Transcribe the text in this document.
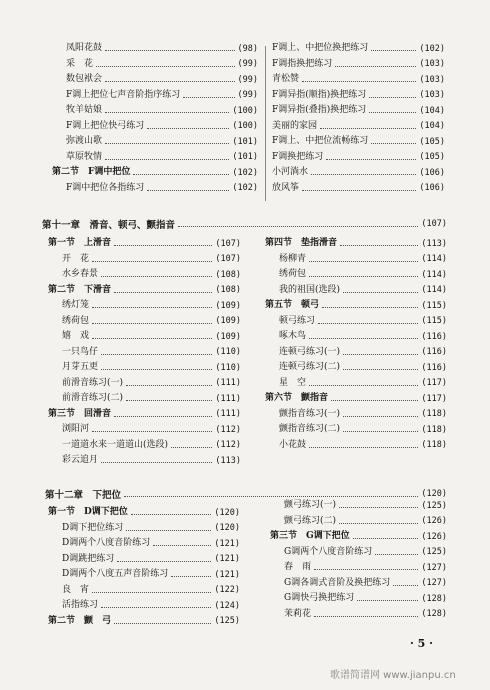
凤阳花鼓	(98)
采　花	(99)
数包袱会	(99)
F调上把位七声音阶指序练习	(99)
牧羊姑娘	(100)
F调上把位快弓练习	(100)
弥渡山歌	(101)
草原牧情	(101)
第二节　F调中把位	(102)
F调中把位各指练习	(102)
F调上、中把位换把练习	(102)
F调指换把练习	(103)
青松赞	(103)
F调异指(顺指)换把练习	(103)
F调异指(叠指)换把练习	(104)
美丽的家园	(104)
F调上、中把位流畅练习	(105)
F调换把练习	(105)
小河淌水	(106)
放风筝	(106)
第十一章　滑音、顿弓、颤指音	(107)
第一节　上滑音	(107)
开　花	(107)
水乡春景	(108)
第二节　下滑音	(108)
绣灯笼	(109)
绣荷包	(109)
嬉　戏	(109)
一只鸟仔	(110)
月芽五更	(110)
前滑音练习(一)	(111)
前滑音练习(二)	(111)
第三节　回滑音	(111)
浏阳河	(112)
一道道水来一道道山(选段)	(112)
彩云追月	(113)
第四节　垫指滑音	(113)
杨柳青	(114)
绣荷包	(114)
我的祖国(选段)	(114)
第五节　顿弓	(115)
顿弓练习	(115)
啄木鸟	(116)
连顿弓练习(一)	(116)
连顿弓练习(二)	(116)
星　空	(117)
第六节　颤指音	(117)
颤指音练习(一)	(118)
颤指音练习(二)	(118)
小花鼓	(118)
第十二章　下把位	(120)
第一节　D调下把位	(120)
D调下把位练习	(120)
D调两个八度音阶练习	(121)
D调跳把练习	(121)
D调两个八度五声音阶练习	(121)
良　宵	(122)
活指练习	(124)
第二节　颤　弓	(125)
颤弓练习(一)	(125)
颤弓练习(二)	(126)
第三节　G调下把位	(126)
G调两个八度音阶练习	(125)
春　雨	(127)
G调各调式音阶及换把练习	(127)
G调快弓换把练习	(128)
茉莉花	(128)
· 5 ·
歌谱简谱网 www.jianpu.cn
